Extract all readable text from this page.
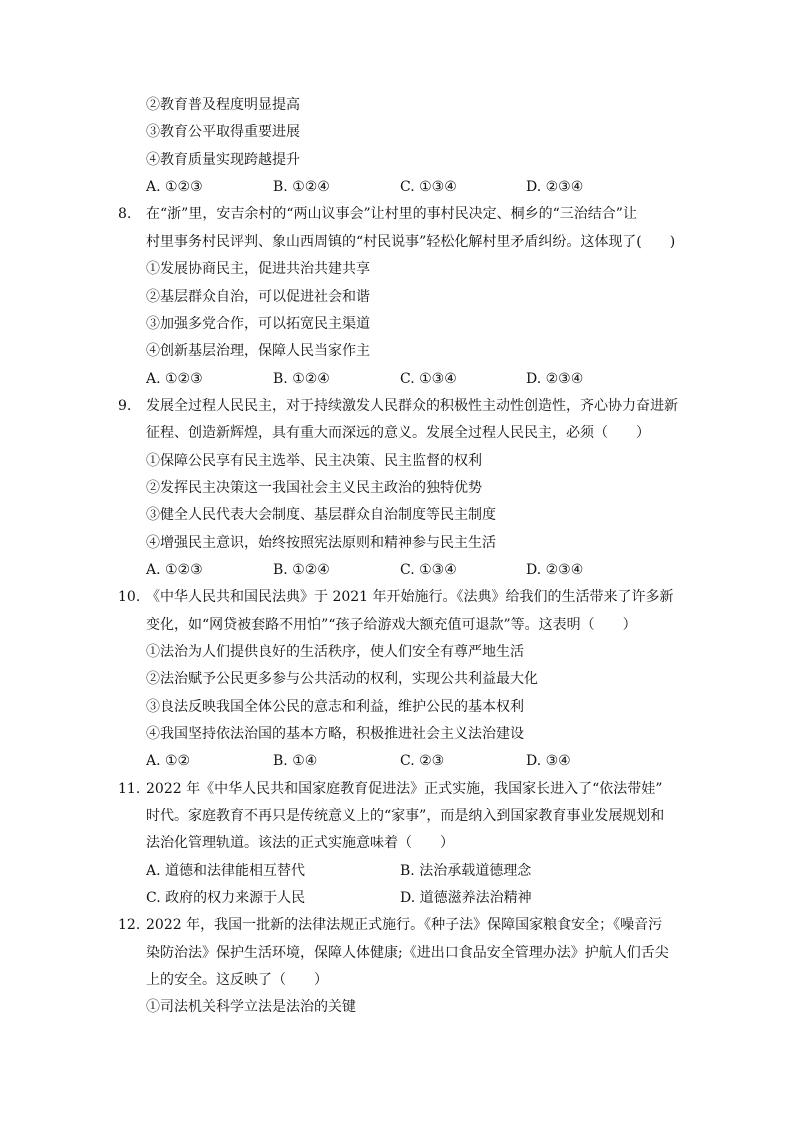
②教育普及程度明显提高
③教育公平取得重要进展
④教育质量实现跨越提升
A. ①②③	B. ①②④	C. ①③④	D. ②③④
8. 在“浙”里，安吉余村的“两山议事会”让村里的事村民决定、桐乡的“三治结合”让
村里事务村民评判、象山西周镇的“村民说事”轻松化解村里矛盾纠纷。这体现了(　　)
①发展协商民主，促进共治共建共享
②基层群众自治，可以促进社会和谐
③加强多党合作，可以拓宽民主渠道
④创新基层治理，保障人民当家作主
A. ①②③	B. ①②④	C. ①③④	D. ②③④
9. 发展全过程人民民主，对于持续激发人民群众的积极性主动性创造性，齐心协力奋进新
征程、创造新辉煌，具有重大而深远的意义。发展全过程人民民主，必须（　　）
①保障公民享有民主选举、民主决策、民主监督的权利
②发挥民主决策这一我国社会主义民主政治的独特优势
③健全人民代表大会制度、基层群众自治制度等民主制度
④增强民主意识，始终按照宪法原则和精神参与民主生活
A. ①②③	B. ①②④	C. ①③④	D. ②③④
10. 《中华人民共和国民法典》于 2021 年开始施行。《法典》给我们的生活带来了许多新
变化，如“网贷被套路不用怕”“孩子给游戏大额充值可退款”等。这表明（　　）
①法治为人们提供良好的生活秩序，使人们安全有尊严地生活
②法治赋予公民更多参与公共活动的权利，实现公共利益最大化
③良法反映我国全体公民的意志和利益，维护公民的基本权利
④我国坚持依法治国的基本方略，积极推进社会主义法治建设
A. ①②	B. ①④	C. ②③	D. ③④
11. 2022 年《中华人民共和国家庭教育促进法》正式实施，我国家长进入了“依法带娃”
时代。家庭教育不再只是传统意义上的“家事”，而是纳入到国家教育事业发展规划和
法治化管理轨道。该法的正式实施意味着（　　）
A. 道德和法律能相互替代	B. 法治承载道德理念
C. 政府的权力来源于人民	D. 道德滋养法治精神
12. 2022 年，我国一批新的法律法规正式施行。《种子法》保障国家粮食安全；《噪音污
染防治法》保护生活环境，保障人体健康;《进出口食品安全管理办法》护航人们舌尖
上的安全。这反映了（　　）
①司法机关科学立法是法治的关键
